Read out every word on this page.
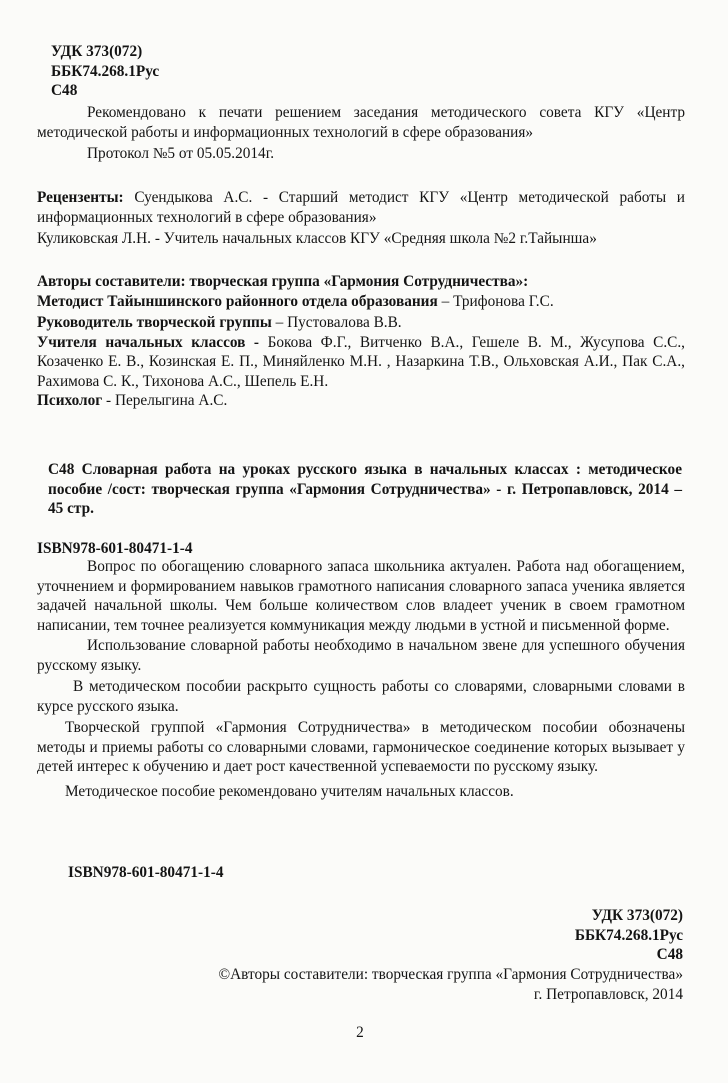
УДК 373(072)

ББК74.268.1Рус

С48

Рекомендовано к печати решением заседания методического совета КГУ «Центр методической работы и информационных технологий в сфере образования»

Протокол №5 от 05.05.2014г.

Рецензенты: Суендыкова А.С. - Старший методист КГУ «Центр методической работы и информационных технологий в сфере образования»

Куликовская Л.Н. - Учитель начальных классов КГУ «Средняя школа №2 г.Тайынша»

Авторы составители: творческая группа «Гармония Сотрудничества»:

Методист Тайыншинского районного отдела образования – Трифонова Г.С.

Руководитель творческой группы – Пустовалова В.В.

Учителя начальных классов - Бокова Ф.Г., Витченко В.А., Гешеле В. М., Жусупова С.С., Козаченко Е. В., Козинская Е. П., Миняйленко М.Н. , Назаркина Т.В., Ольховская А.И., Пак С.А., Рахимова С. К., Тихонова А.С., Шепель Е.Н.

Психолог - Перелыгина А.С.

С48 Словарная работа на уроках русского языка в начальных классах : методическое пособие /сост: творческая группа «Гармония Сотрудничества» - г. Петропавловск, 2014 – 45 стр.

ISBN978-601-80471-1-4

Вопрос по обогащению словарного запаса школьника актуален. Работа над обогащением, уточнением и формированием навыков грамотного написания словарного запаса ученика является задачей начальной школы. Чем больше количеством слов владеет ученик в своем грамотном написании, тем точнее реализуется коммуникация между людьми в устной и письменной форме.

Использование словарной работы необходимо в начальном звене для успешного обучения русскому языку.

В методическом пособии раскрыто сущность работы со словарями, словарными словами в курсе русского языка.

Творческой группой «Гармония Сотрудничества» в методическом пособии обозначены методы и приемы работы со словарными словами, гармоническое соединение которых вызывает у детей интерес к обучению и дает рост качественной успеваемости по русскому языку.

Методическое пособие рекомендовано учителям начальных классов.

ISBN978-601-80471-1-4

УДК 373(072)

ББК74.268.1Рус

С48

©Авторы составители: творческая группа «Гармония Сотрудничества»

г. Петропавловск, 2014

2
